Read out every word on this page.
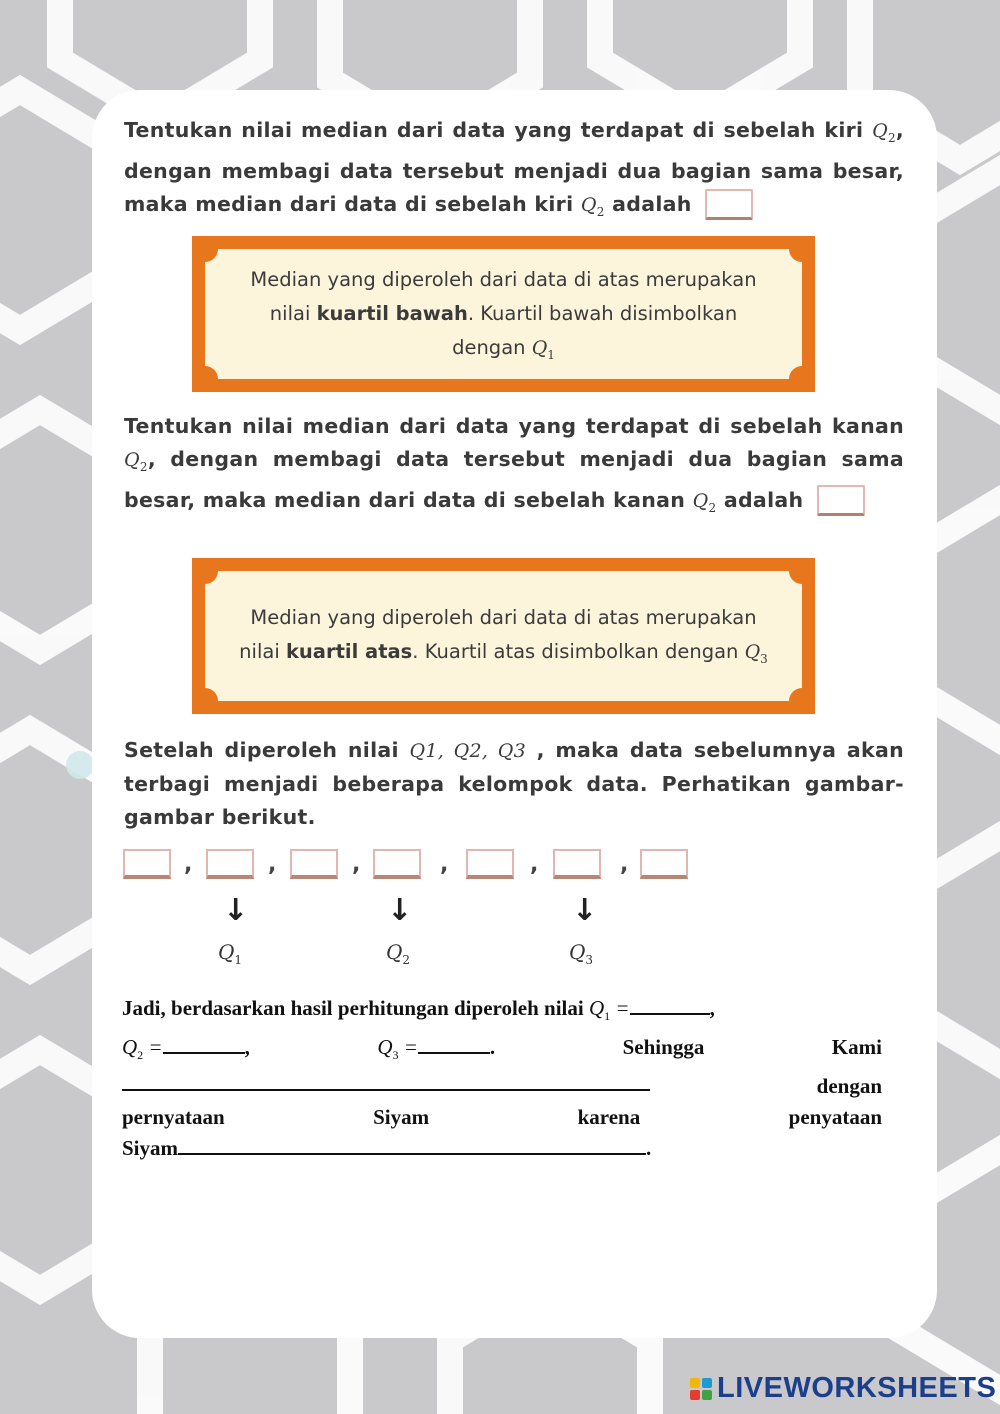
Tentukan nilai median dari data yang terdapat di sebelah kiri $Q_2$, dengan membagi data tersebut menjadi dua bagian sama besar, maka median dari data di sebelah kiri $Q_2$ adalah
Median yang diperoleh dari data di atas merupakan
nilai kuartil bawah. Kuartil bawah disimbolkan
dengan $Q_1$
Tentukan nilai median dari data yang terdapat di sebelah kanan $Q_2$, dengan membagi data tersebut menjadi dua bagian sama besar, maka median dari data di sebelah kanan $Q_2$ adalah
Median yang diperoleh dari data di atas merupakan
nilai kuartil atas. Kuartil atas disimbolkan dengan $Q_3$
Setelah diperoleh nilai Q1, Q2, Q3 , maka data sebelumnya akan terbagi menjadi beberapa kelompok data. Perhatikan gambar-gambar berikut.
,	,	,	,	,	,
↓	↓	↓
$Q_1$	$Q_2$	$Q_3$
Jadi, berdasarkan hasil perhitungan diperoleh nilai $Q_1$ =	,
$Q_2$ =	,	$Q_3$ =	.	Sehingga	Kami
dengan
pernyataan	Siyam	karena	penyataan
Siyam	.
LIVEWORKSHEETS
